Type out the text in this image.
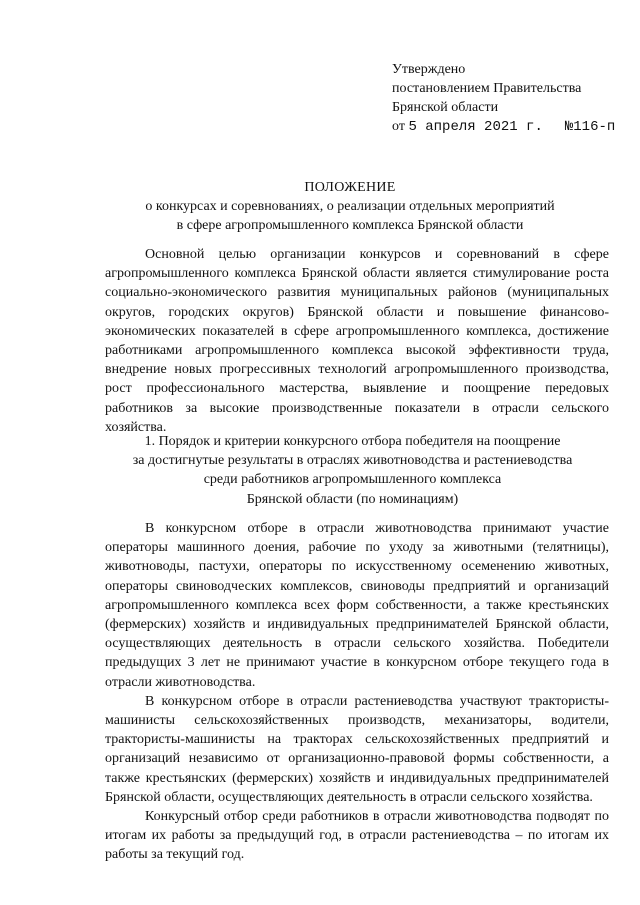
Утверждено
постановлением Правительства
Брянской области
от 5 апреля 2021 г. №116-п
ПОЛОЖЕНИЕ
о конкурсах и соревнованиях, о реализации отдельных мероприятий
в сфере агропромышленного комплекса Брянской области

Основной целью организации конкурсов и соревнований в сфере агропромышленного комплекса Брянской области является стимулирование роста социально-экономического развития муниципальных районов (муниципальных округов, городских округов) Брянской области и повышение финансово-экономических показателей в сфере агропромышленного комплекса, достижение работниками агропромышленного комплекса высокой эффективности труда, внедрение новых прогрессивных технологий агропромышленного производства, рост профессионального мастерства, выявление и поощрение передовых работников за высокие производственные показатели в отрасли сельского хозяйства.

1. Порядок и критерии конкурсного отбора победителя на поощрение
за достигнутые результаты в отраслях животноводства и растениеводства
среди работников агропромышленного комплекса
Брянской области (по номинациям)

В конкурсном отборе в отрасли животноводства принимают участие операторы машинного доения, рабочие по уходу за животными (телятницы), животноводы, пастухи, операторы по искусственному осеменению животных, операторы свиноводческих комплексов, свиноводы предприятий и организаций агропромышленного комплекса всех форм собственности, а также крестьянских (фермерских) хозяйств и индивидуальных предпринимателей Брянской области, осуществляющих деятельность в отрасли сельского хозяйства. Победители предыдущих 3 лет не принимают участие в конкурсном отборе текущего года в отрасли животноводства.

В конкурсном отборе в отрасли растениеводства участвуют трактористы-машинисты сельскохозяйственных производств, механизаторы, водители, трактористы-машинисты на тракторах сельскохозяйственных предприятий и организаций независимо от организационно-правовой формы собственности, а также крестьянских (фермерских) хозяйств и индивидуальных предпринимателей Брянской области, осуществляющих деятельность в отрасли сельского хозяйства.

Конкурсный отбор среди работников в отрасли животноводства подводят по итогам их работы за предыдущий год, в отрасли растениеводства – по итогам их работы за текущий год.
